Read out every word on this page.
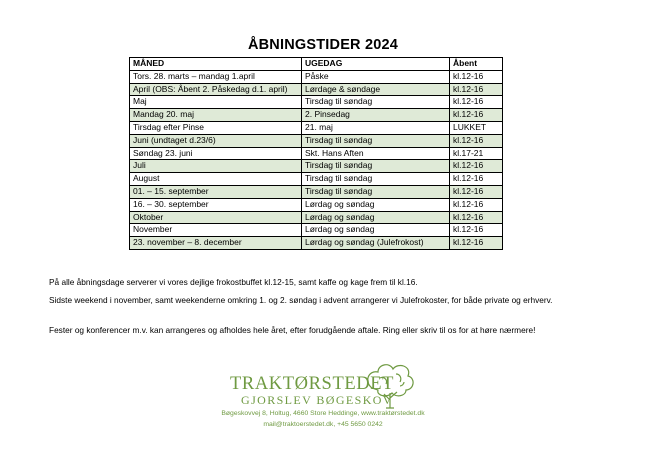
ÅBNINGSTIDER 2024
MÅNED	UGEDAG	Åbent
Tors. 28. marts – mandag 1.april	Påske	kl.12-16
April (OBS: Åbent 2. Påskedag d.1. april)	Lørdage & søndage	kl.12-16
Maj	Tirsdag til søndag	kl.12-16
Mandag 20. maj	2. Pinsedag	kl.12-16
Tirsdag efter Pinse	21. maj	LUKKET
Juni (undtaget d.23/6)	Tirsdag til søndag	kl.12-16
Søndag 23. juni	Skt. Hans Aften	kl.17-21
Juli	Tirsdag til søndag	kl.12-16
August	Tirsdag til søndag	kl.12-16
01. – 15. september	Tirsdag til søndag	kl.12-16
16. – 30. september	Lørdag og søndag	kl.12-16
Oktober	Lørdag og søndag	kl.12-16
November	Lørdag og søndag	kl.12-16
23. november – 8. december	Lørdag og søndag (Julefrokost)	kl.12-16
På alle åbningsdage serverer vi vores dejlige frokostbuffet kl.12-15, samt kaffe og kage frem til kl.16.
Sidste weekend i november, samt weekenderne omkring 1. og 2. søndag i advent arrangerer vi Julefrokoster, for både private og erhverv.
Fester og konferencer m.v. kan arrangeres og afholdes hele året, efter forudgående aftale. Ring eller skriv til os for at høre nærmere!
TRAKTØRSTEDET
GJORSLEV BØGESKOV
Bøgeskovvej 8, Holtug, 4660 Store Heddinge, www.traktørstedet.dk
mail@traktoerstedet.dk, +45 5650 0242
